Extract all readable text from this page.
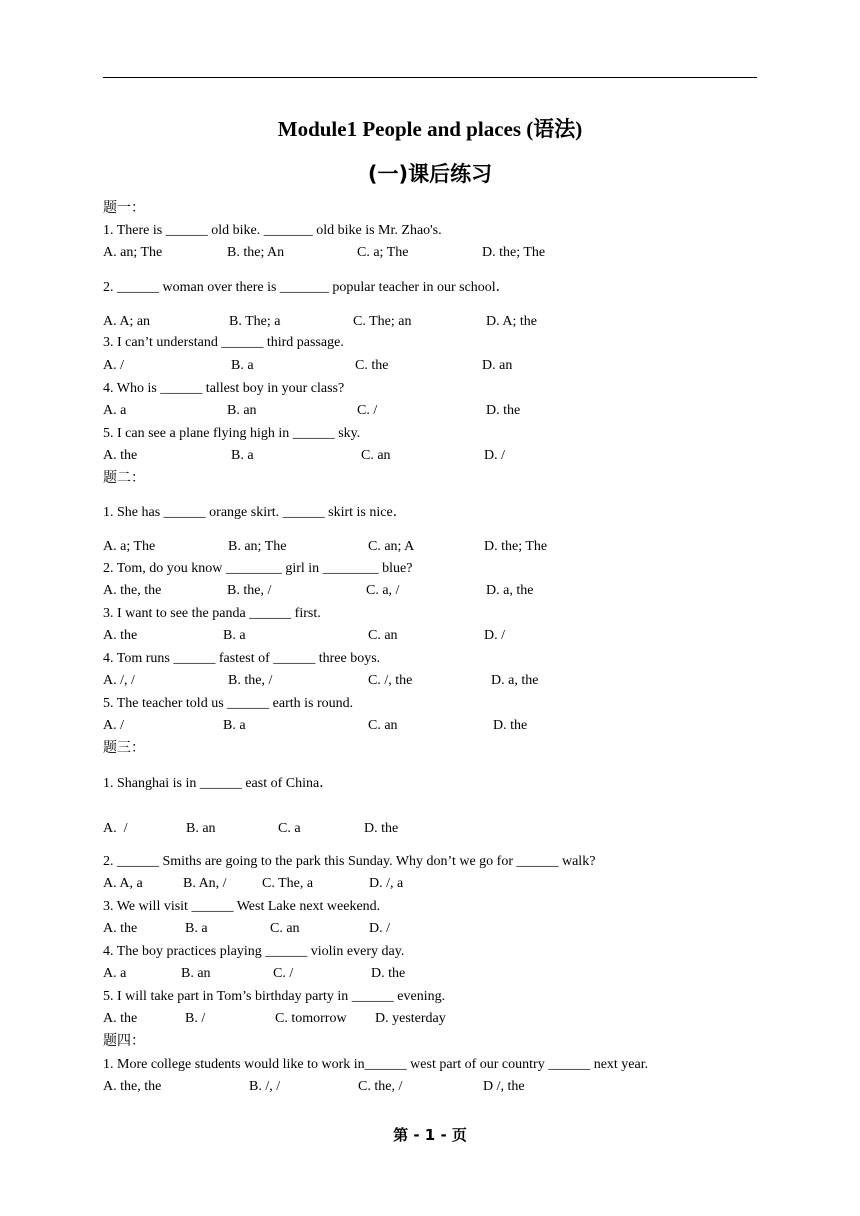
Module1 People and places (语法)
(一)课后练习
题一：
1. There is ______ old bike. _______ old bike is Mr. Zhao's.
A. an; The	B. the; An	C. a; The	D. the; The
2. ______ woman over there is _______ popular teacher in our school．
A. A; an	B. The; a	C. The; an	D. A; the
3. I can’t understand ______ third passage.
A. /	B. a	C. the	D. an
4. Who is ______ tallest boy in your class?
A. a	B. an	C. /	D. the
5. I can see a plane flying high in ______ sky.
A. the	B. a	C. an	D. /
题二：
1. She has ______ orange skirt. ______ skirt is nice．
A. a; The	B. an; The	C. an; A	D. the; The
2. Tom, do you know ________ girl in ________ blue?
A. the, the	B. the, /	C. a, /	D. a, the
3. I want to see the panda ______ first.
A. the	B. a	C. an	D. /
4. Tom runs ______ fastest of ______ three boys.
A. /, /	B. the, /	C. /, the	D. a, the
5. The teacher told us ______ earth is round.
A. /	B. a	C. an	D. the
题三：
1. Shanghai is in ______ east of China．
A.  /	B. an	C. a	D. the
2. ______ Smiths are going to the park this Sunday. Why don’t we go for ______ walk?
A. A, a	B. An, /	C. The, a	D. /, a
3. We will visit ______ West Lake next weekend.
A. the	B. a	C. an	D. /
4. The boy practices playing ______ violin every day.
A. a	B. an	C. /	D. the
5. I will take part in Tom’s birthday party in ______ evening.
A. the	B. /	C. tomorrow D. yesterday
题四：
1. More college students would like to work in______ west part of our country ______ next year.
A. the, the	B. /, /	C. the, /	D /, the
第 - 1 - 页
